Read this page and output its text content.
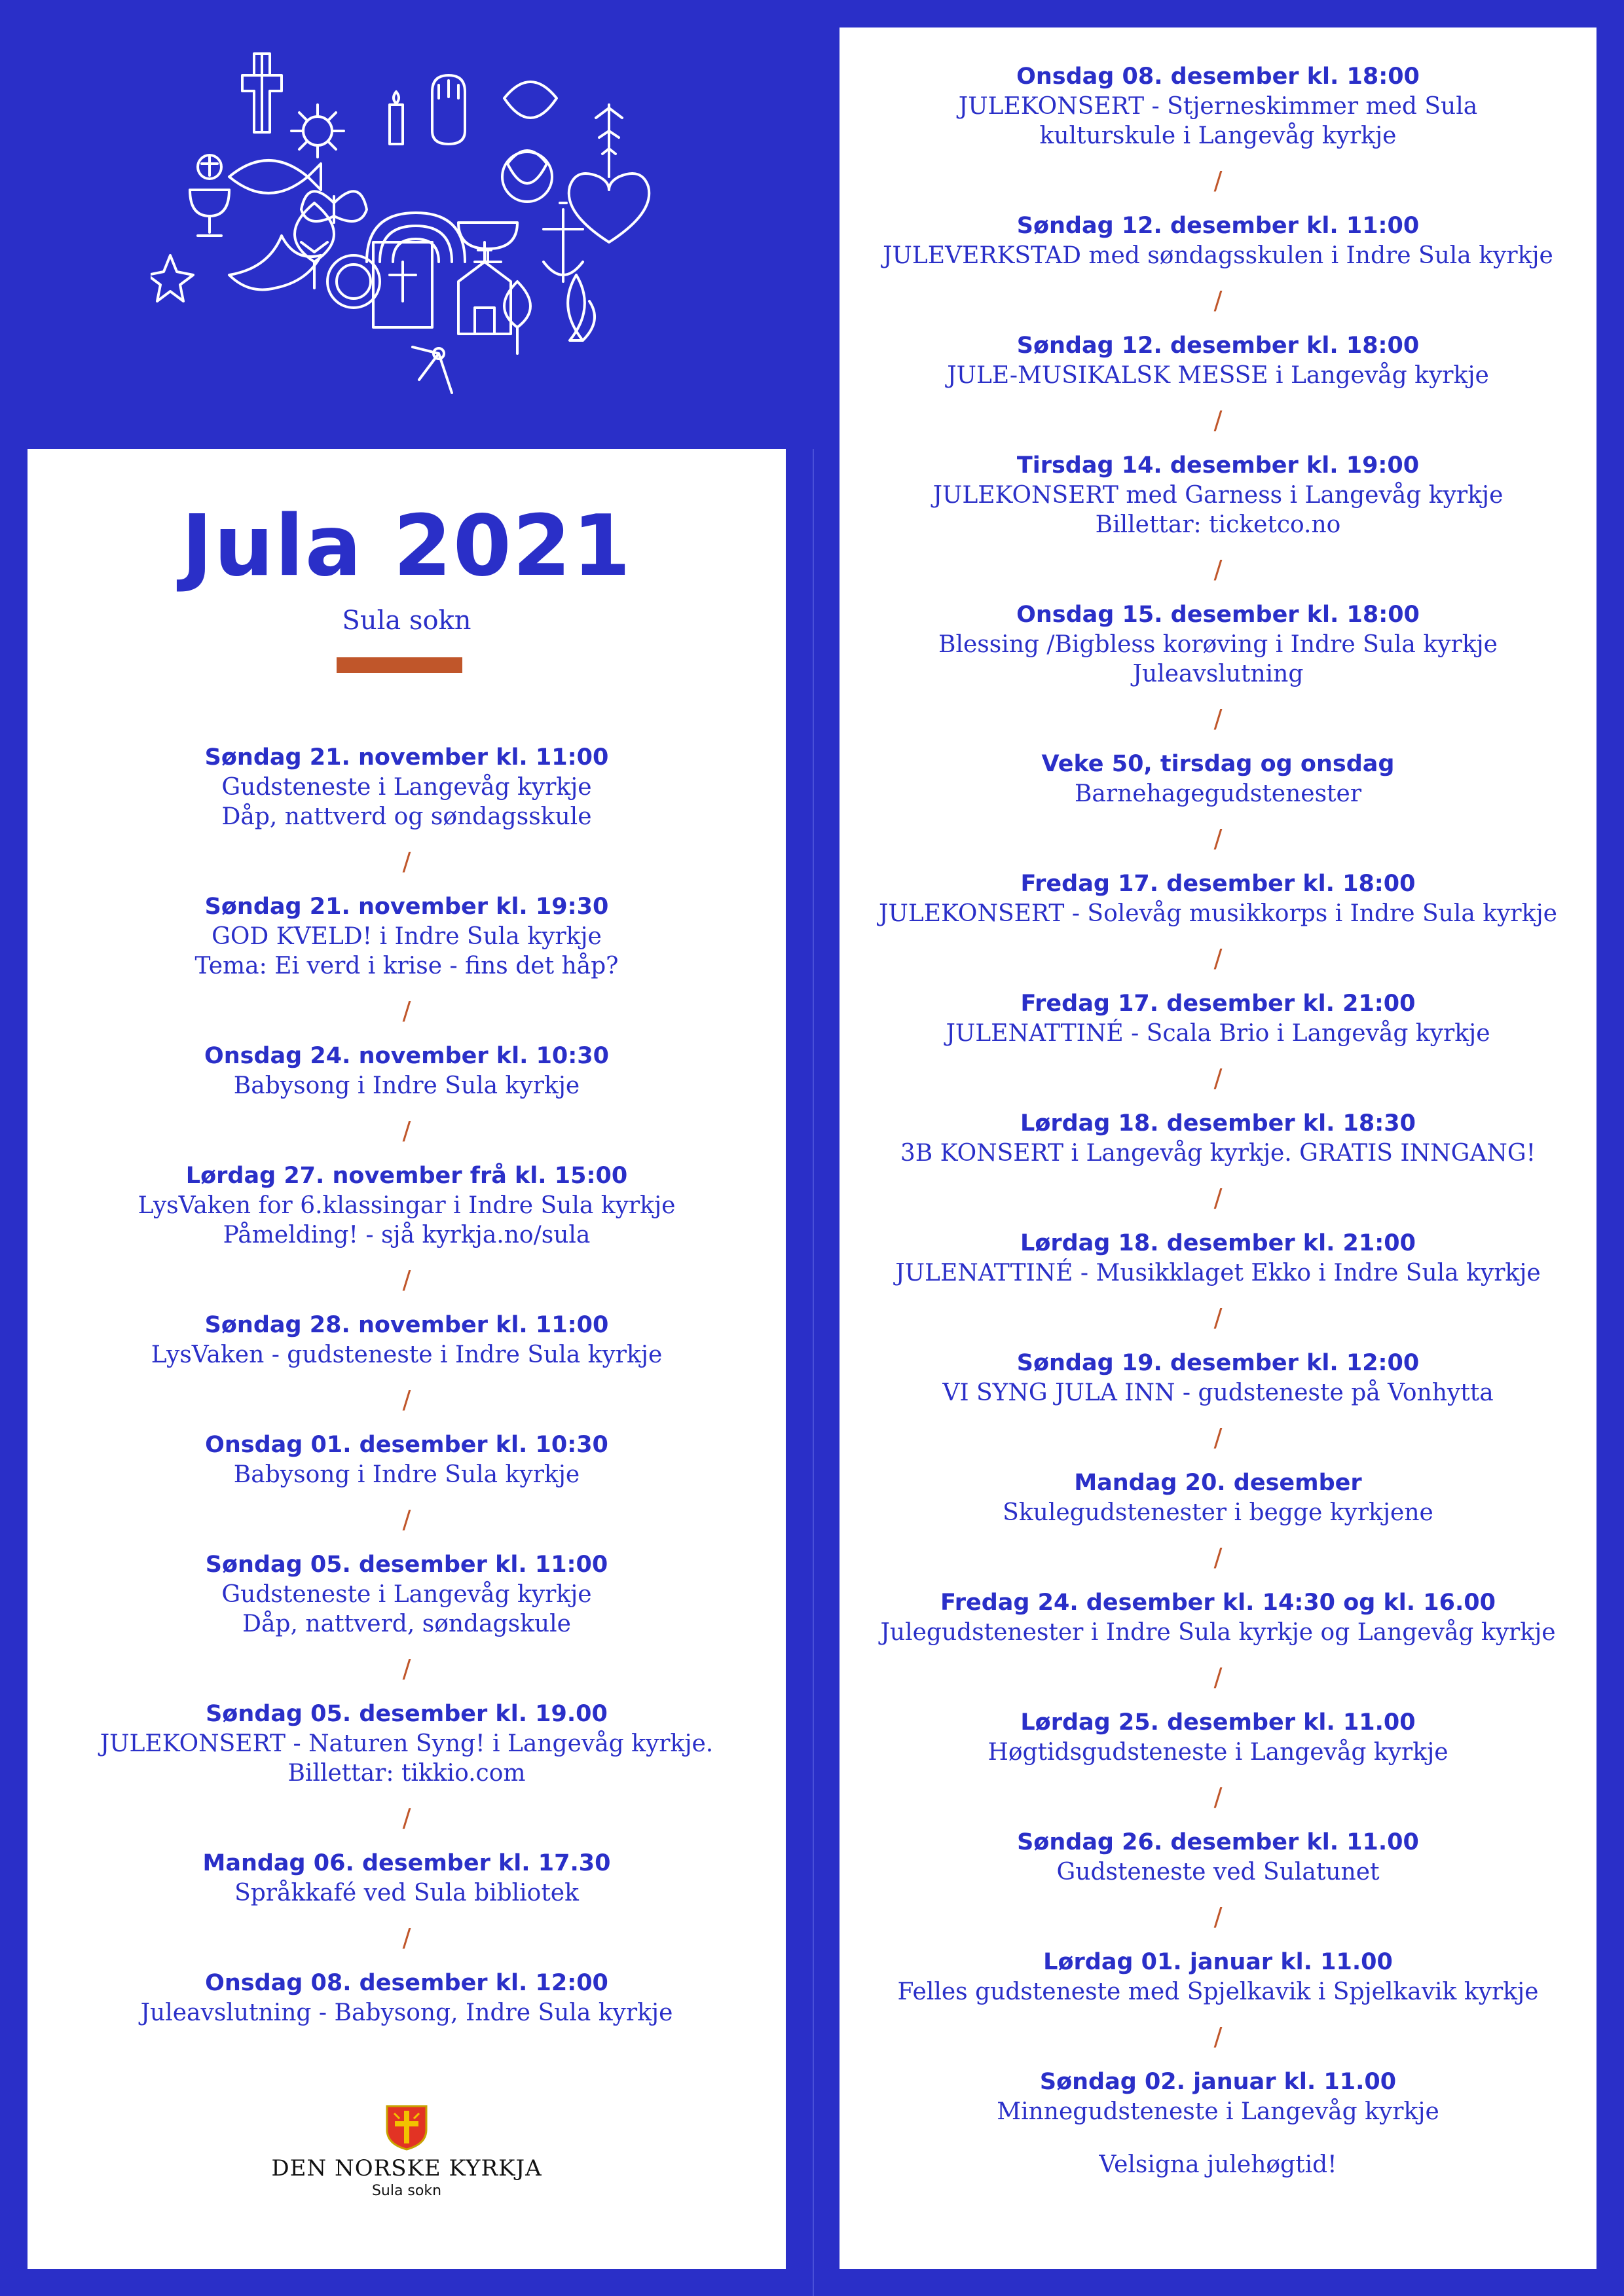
Jula 2021
Sula sokn
Søndag 21. november kl. 11:00
Gudsteneste i Langevåg kyrkje
Dåp, nattverd og søndagsskule
/
Søndag 21. november kl. 19:30
GOD KVELD! i Indre Sula kyrkje
Tema: Ei verd i krise - fins det håp?
/
Onsdag 24. november kl. 10:30
Babysong i Indre Sula kyrkje
/
Lørdag 27. november frå kl. 15:00
LysVaken for 6.klassingar i Indre Sula kyrkje
Påmelding! - sjå kyrkja.no/sula
/
Søndag 28. november kl. 11:00
LysVaken - gudsteneste i Indre Sula kyrkje
/
Onsdag 01. desember kl. 10:30
Babysong i Indre Sula kyrkje
/
Søndag 05. desember kl. 11:00
Gudsteneste i Langevåg kyrkje
Dåp, nattverd, søndagskule
/
Søndag 05. desember kl. 19.00
JULEKONSERT - Naturen Syng! i Langevåg kyrkje.
Billettar: tikkio.com
/
Mandag 06. desember kl. 17.30
Språkkafé ved Sula bibliotek
/
Onsdag 08. desember kl. 12:00
Juleavslutning - Babysong, Indre Sula kyrkje
Onsdag 08. desember kl. 18:00
JULEKONSERT - Stjerneskimmer med Sula
kulturskule i Langevåg kyrkje
/
Søndag 12. desember kl. 11:00
JULEVERKSTAD med søndagsskulen i Indre Sula kyrkje
/
Søndag 12. desember kl. 18:00
JULE-MUSIKALSK MESSE i Langevåg kyrkje
/
Tirsdag 14. desember kl. 19:00
JULEKONSERT med Garness i Langevåg kyrkje
Billettar: ticketco.no
/
Onsdag 15. desember kl. 18:00
Blessing /Bigbless korøving i Indre Sula kyrkje
Juleavslutning
/
Veke 50, tirsdag og onsdag
Barnehagegudstenester
/
Fredag 17. desember kl. 18:00
JULEKONSERT - Solevåg musikkorps i Indre Sula kyrkje
/
Fredag 17. desember kl. 21:00
JULENATTINÉ - Scala Brio i Langevåg kyrkje
/
Lørdag 18. desember kl. 18:30
3B KONSERT i Langevåg kyrkje. GRATIS INNGANG!
/
Lørdag 18. desember kl. 21:00
JULENATTINÉ - Musikklaget Ekko i Indre Sula kyrkje
/
Søndag 19. desember kl. 12:00
VI SYNG JULA INN - gudsteneste på Vonhytta
/
Mandag 20. desember
Skulegudstenester i begge kyrkjene
/
Fredag 24. desember kl. 14:30 og kl. 16.00
Julegudstenester i Indre Sula kyrkje og Langevåg kyrkje
/
Lørdag 25. desember kl. 11.00
Høgtidsgudsteneste i Langevåg kyrkje
/
Søndag 26. desember kl. 11.00
Gudsteneste ved Sulatunet
/
Lørdag 01. januar kl. 11.00
Felles gudsteneste med Spjelkavik i Spjelkavik kyrkje
/
Søndag 02. januar kl. 11.00
Minnegudsteneste i Langevåg kyrkje
Velsigna julehøgtid!
DEN NORSKE KYRKJA
Sula sokn
